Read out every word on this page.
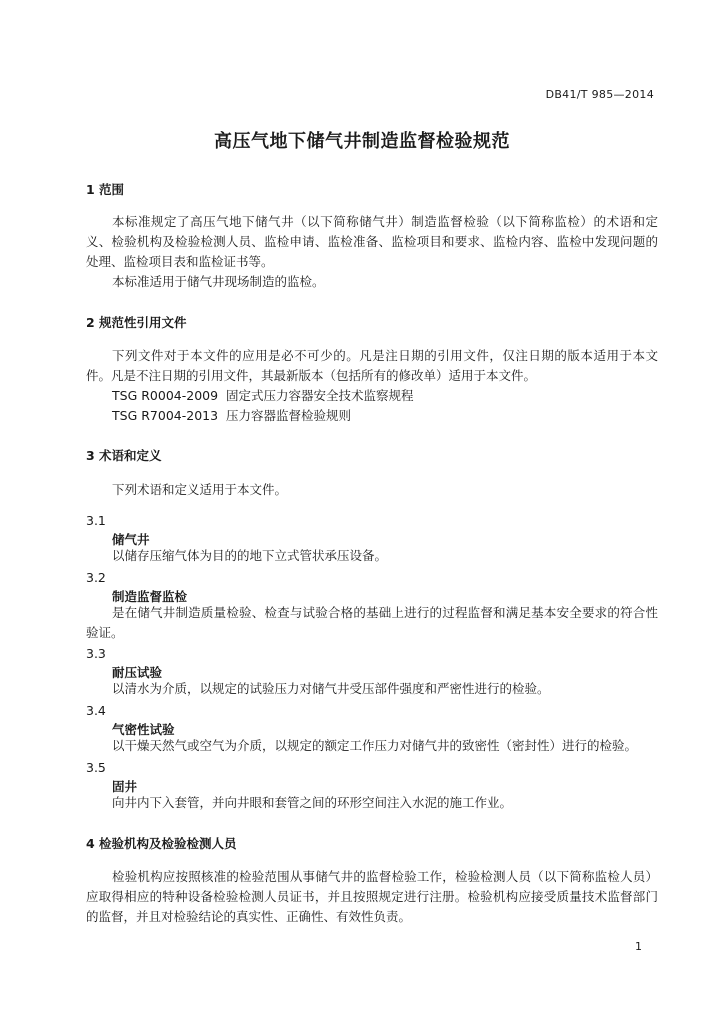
DB41/T 985—2014
高压气地下储气井制造监督检验规范
1 范围
本标准规定了高压气地下储气井（以下简称储气井）制造监督检验（以下简称监检）的术语和定义、检验机构及检验检测人员、监检申请、监检准备、监检项目和要求、监检内容、监检中发现问题的处理、监检项目表和监检证书等。
本标准适用于储气井现场制造的监检。
2 规范性引用文件
下列文件对于本文件的应用是必不可少的。凡是注日期的引用文件，仅注日期的版本适用于本文件。凡是不注日期的引用文件，其最新版本（包括所有的修改单）适用于本文件。
TSG R0004-2009  固定式压力容器安全技术监察规程
TSG R7004-2013  压力容器监督检验规则
3 术语和定义
下列术语和定义适用于本文件。
3.1
储气井
以储存压缩气体为目的的地下立式管状承压设备。
3.2
制造监督监检
是在储气井制造质量检验、检查与试验合格的基础上进行的过程监督和满足基本安全要求的符合性验证。
3.3
耐压试验
以清水为介质，以规定的试验压力对储气井受压部件强度和严密性进行的检验。
3.4
气密性试验
以干燥天然气或空气为介质，以规定的额定工作压力对储气井的致密性（密封性）进行的检验。
3.5
固井
向井内下入套管，并向井眼和套管之间的环形空间注入水泥的施工作业。
4 检验机构及检验检测人员
检验机构应按照核准的检验范围从事储气井的监督检验工作，检验检测人员（以下简称监检人员）应取得相应的特种设备检验检测人员证书，并且按照规定进行注册。检验机构应接受质量技术监督部门的监督，并且对检验结论的真实性、正确性、有效性负责。
1
